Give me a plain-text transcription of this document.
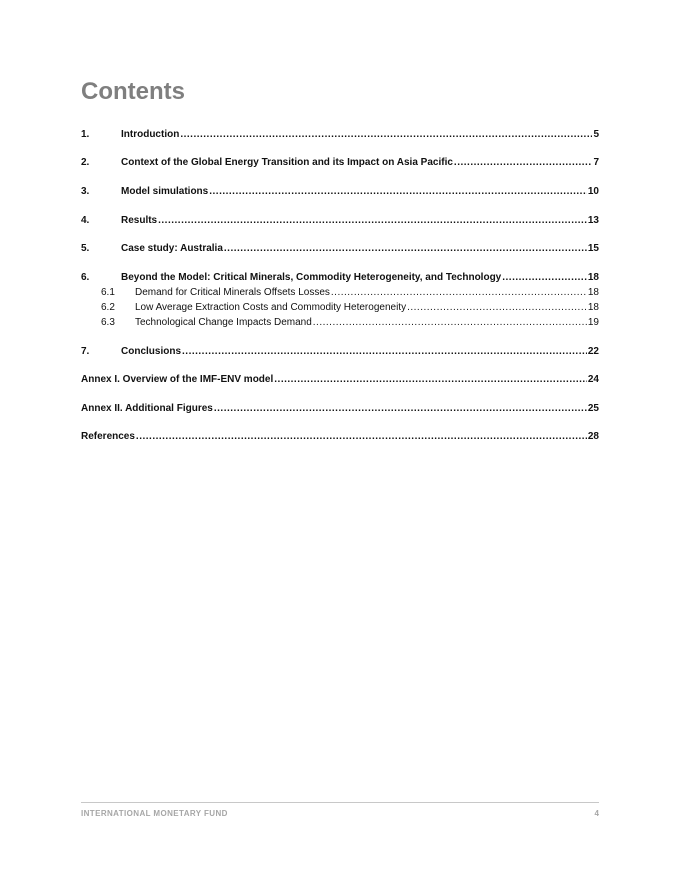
Contents
1.	Introduction .....	5
2.	Context of the Global Energy Transition and its Impact on Asia Pacific .....	7
3.	Model simulations .....	10
4.	Results .....	13
5.	Case study: Australia .....	15
6.	Beyond the Model: Critical Minerals, Commodity Heterogeneity, and Technology .....	18
6.1	Demand for Critical Minerals Offsets Losses .....	18
6.2	Low Average Extraction Costs and Commodity Heterogeneity .....	18
6.3	Technological Change Impacts Demand .....	19
7.	Conclusions .....	22
Annex I. Overview of the IMF-ENV model .....	24
Annex II. Additional Figures .....	25
References .....	28
INTERNATIONAL MONETARY FUND	4
